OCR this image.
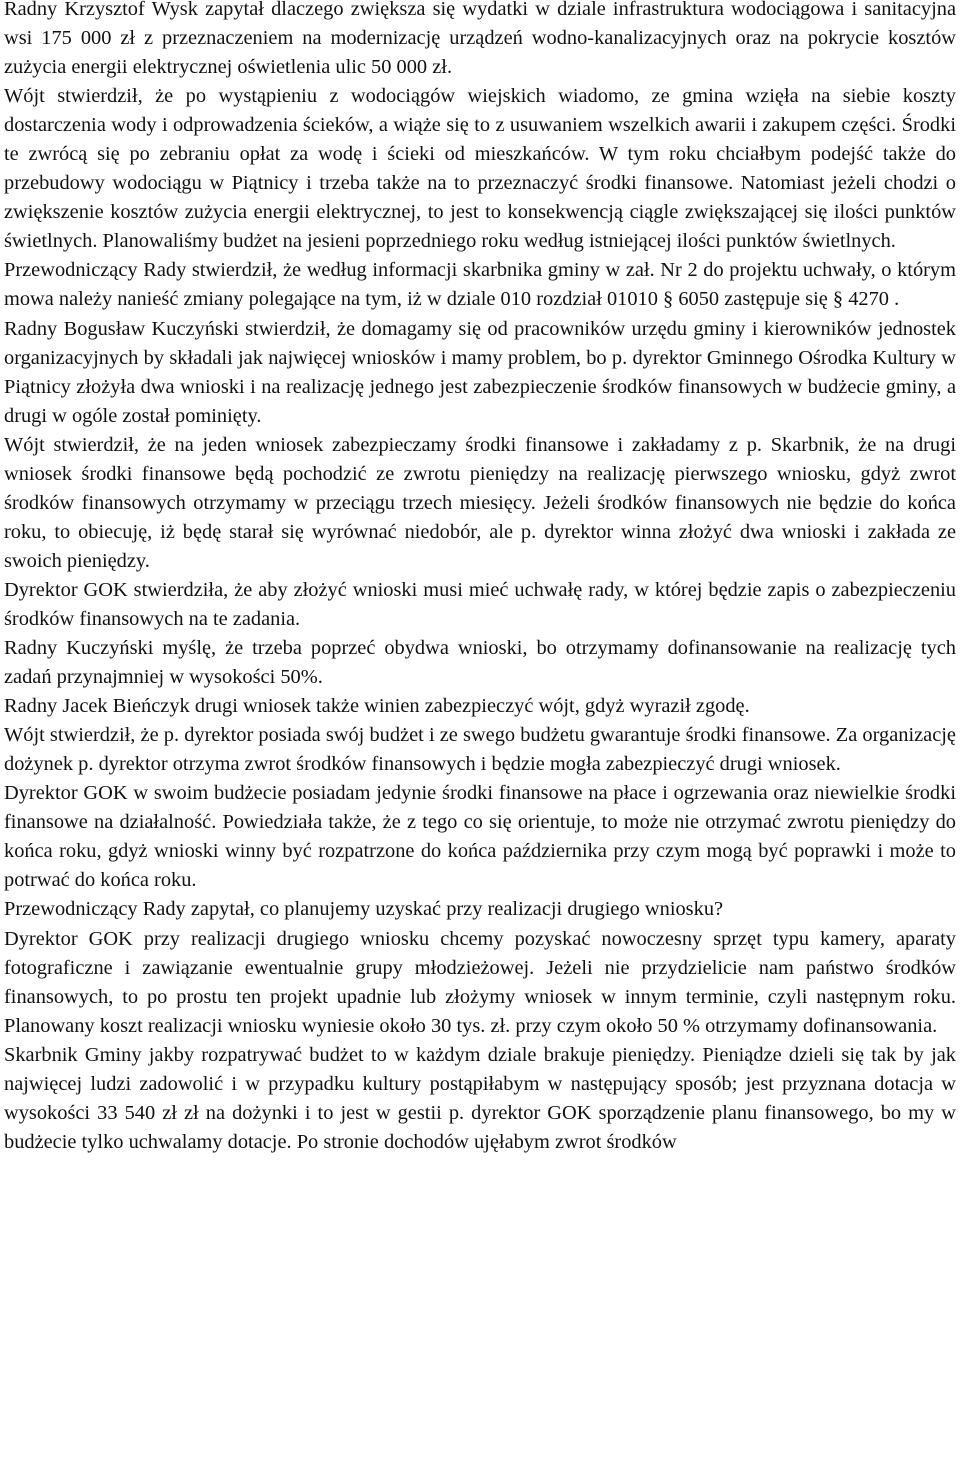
Radny Krzysztof Wysk zapytał dlaczego zwiększa się wydatki w dziale infrastruktura wodociągowa i sanitacyjna wsi 175 000 zł z przeznaczeniem na modernizację urządzeń wodno-kanalizacyjnych oraz na pokrycie kosztów zużycia energii elektrycznej oświetlenia ulic 50 000 zł.

Wójt stwierdził, że po wystąpieniu z wodociągów wiejskich wiadomo, ze gmina wzięła na siebie koszty dostarczenia wody i odprowadzenia ścieków, a wiąże się to z usuwaniem wszelkich awarii i zakupem części. Środki te zwrócą się po zebraniu opłat za wodę i ścieki od mieszkańców. W tym roku chciałbym podejść także do przebudowy wodociągu w Piątnicy i trzeba także na to przeznaczyć środki finansowe. Natomiast jeżeli chodzi o zwiększenie kosztów zużycia energii elektrycznej, to jest to konsekwencją ciągle zwiększającej się ilości punktów świetlnych. Planowaliśmy budżet na jesieni poprzedniego roku według istniejącej ilości punktów świetlnych.

Przewodniczący Rady stwierdził, że według informacji skarbnika gminy w zał. Nr 2 do projektu uchwały, o którym mowa należy nanieść zmiany polegające na tym, iż w dziale 010 rozdział 01010 § 6050 zastępuje się § 4270 .

Radny Bogusław Kuczyński stwierdził, że domagamy się od pracowników urzędu gminy i kierowników jednostek organizacyjnych by składali jak najwięcej wniosków i mamy problem, bo p. dyrektor Gminnego Ośrodka Kultury w Piątnicy złożyła dwa wnioski i na realizację jednego jest zabezpieczenie środków finansowych w budżecie gminy, a drugi w ogóle został pominięty.

Wójt stwierdził, że na jeden wniosek zabezpieczamy środki finansowe i zakładamy z p. Skarbnik, że na drugi wniosek środki finansowe będą pochodzić ze zwrotu pieniędzy na realizację pierwszego wniosku, gdyż zwrot środków finansowych otrzymamy w przeciągu trzech miesięcy. Jeżeli środków finansowych nie będzie do końca roku, to obiecuję, iż będę starał się wyrównać niedobór, ale p. dyrektor winna złożyć dwa wnioski i zakłada ze swoich pieniędzy.

Dyrektor GOK stwierdziła, że aby złożyć wnioski musi mieć uchwałę rady, w której będzie zapis o zabezpieczeniu środków finansowych na te zadania.

Radny Kuczyński myślę, że trzeba poprzeć obydwa wnioski, bo otrzymamy dofinansowanie na realizację tych zadań przynajmniej w wysokości 50%.

Radny Jacek Bieńczyk drugi wniosek także winien zabezpieczyć wójt, gdyż wyraził zgodę.

Wójt stwierdził, że p. dyrektor posiada swój budżet i ze swego budżetu gwarantuje środki finansowe. Za organizację dożynek p. dyrektor otrzyma zwrot środków finansowych i będzie mogła zabezpieczyć drugi wniosek.

Dyrektor GOK w swoim budżecie posiadam jedynie środki finansowe na płace i ogrzewania oraz niewielkie środki finansowe na działalność. Powiedziała także, że z tego co się orientuje, to może nie otrzymać zwrotu pieniędzy do końca roku, gdyż wnioski winny być rozpatrzone do końca października przy czym mogą być poprawki i może to potrwać do końca roku.

Przewodniczący Rady zapytał, co planujemy uzyskać przy realizacji drugiego wniosku?

Dyrektor GOK przy realizacji drugiego wniosku chcemy pozyskać nowoczesny sprzęt typu kamery, aparaty fotograficzne i zawiązanie ewentualnie grupy młodzieżowej. Jeżeli nie przydzielicie nam państwo środków finansowych, to po prostu ten projekt upadnie lub złożymy wniosek w innym terminie, czyli następnym roku. Planowany koszt realizacji wniosku wyniesie około 30 tys. zł. przy czym około 50 % otrzymamy dofinansowania.

Skarbnik Gminy jakby rozpatrywać budżet to w każdym dziale brakuje pieniędzy. Pieniądze dzieli się tak by jak najwięcej ludzi zadowolić i w przypadku kultury postąpiłabym w następujący sposób; jest przyznana dotacja w wysokości 33 540 zł zł na dożynki i to jest w gestii p. dyrektor GOK sporządzenie planu finansowego, bo my w budżecie tylko uchwalamy dotacje. Po stronie dochodów ujęłabym zwrot środków
